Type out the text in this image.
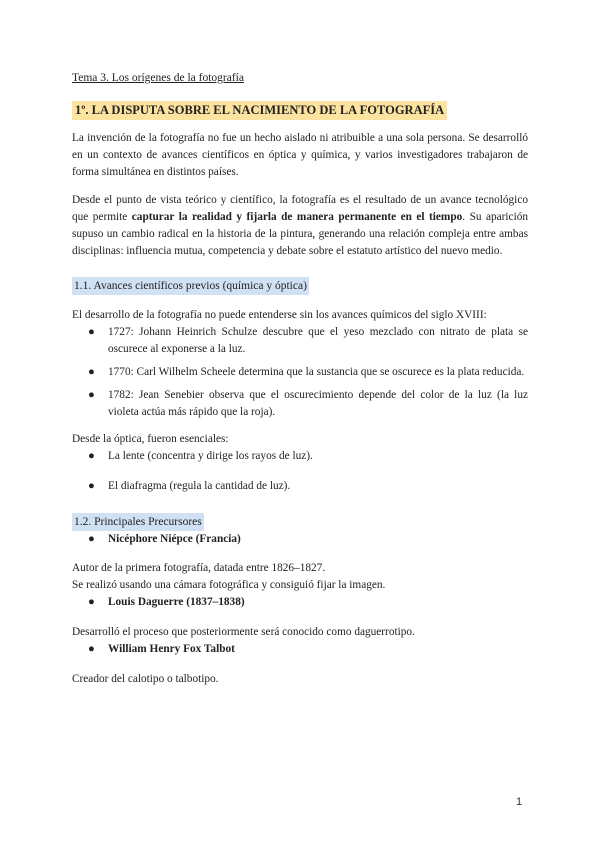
Tema 3. Los orígenes de la fotografía

1º. LA DISPUTA SOBRE EL NACIMIENTO DE LA FOTOGRAFÍA

La invención de la fotografía no fue un hecho aislado ni atribuible a una sola persona. Se desarrolló en un contexto de avances científicos en óptica y química, y varios investigadores trabajaron de forma simultánea en distintos países.

Desde el punto de vista teórico y científico, la fotografía es el resultado de un avance tecnológico que permite capturar la realidad y fijarla de manera permanente en el tiempo. Su aparición supuso un cambio radical en la historia de la pintura, generando una relación compleja entre ambas disciplinas: influencia mutua, competencia y debate sobre el estatuto artístico del nuevo medio.

1.1. Avances científicos previos (química y óptica)

El desarrollo de la fotografía no puede entenderse sin los avances químicos del siglo XVIII:

● 1727: Johann Heinrich Schulze descubre que el yeso mezclado con nitrato de plata se oscurece al exponerse a la luz.
● 1770: Carl Wilhelm Scheele determina que la sustancia que se oscurece es la plata reducida.
● 1782: Jean Senebier observa que el oscurecimiento depende del color de la luz (la luz violeta actúa más rápido que la roja).

Desde la óptica, fueron esenciales:

● La lente (concentra y dirige los rayos de luz).
● El diafragma (regula la cantidad de luz).
1.2. Principales Precursores
● Nicéphore Niépce (Francia)

Autor de la primera fotografía, datada entre 1826–1827.
Se realizó usando una cámara fotográfica y consiguió fijar la imagen.

● Louis Daguerre (1837–1838)

Desarrolló el proceso que posteriormente será conocido como daguerrotipo.

● William Henry Fox Talbot

Creador del calotipo o talbotipo.

1
